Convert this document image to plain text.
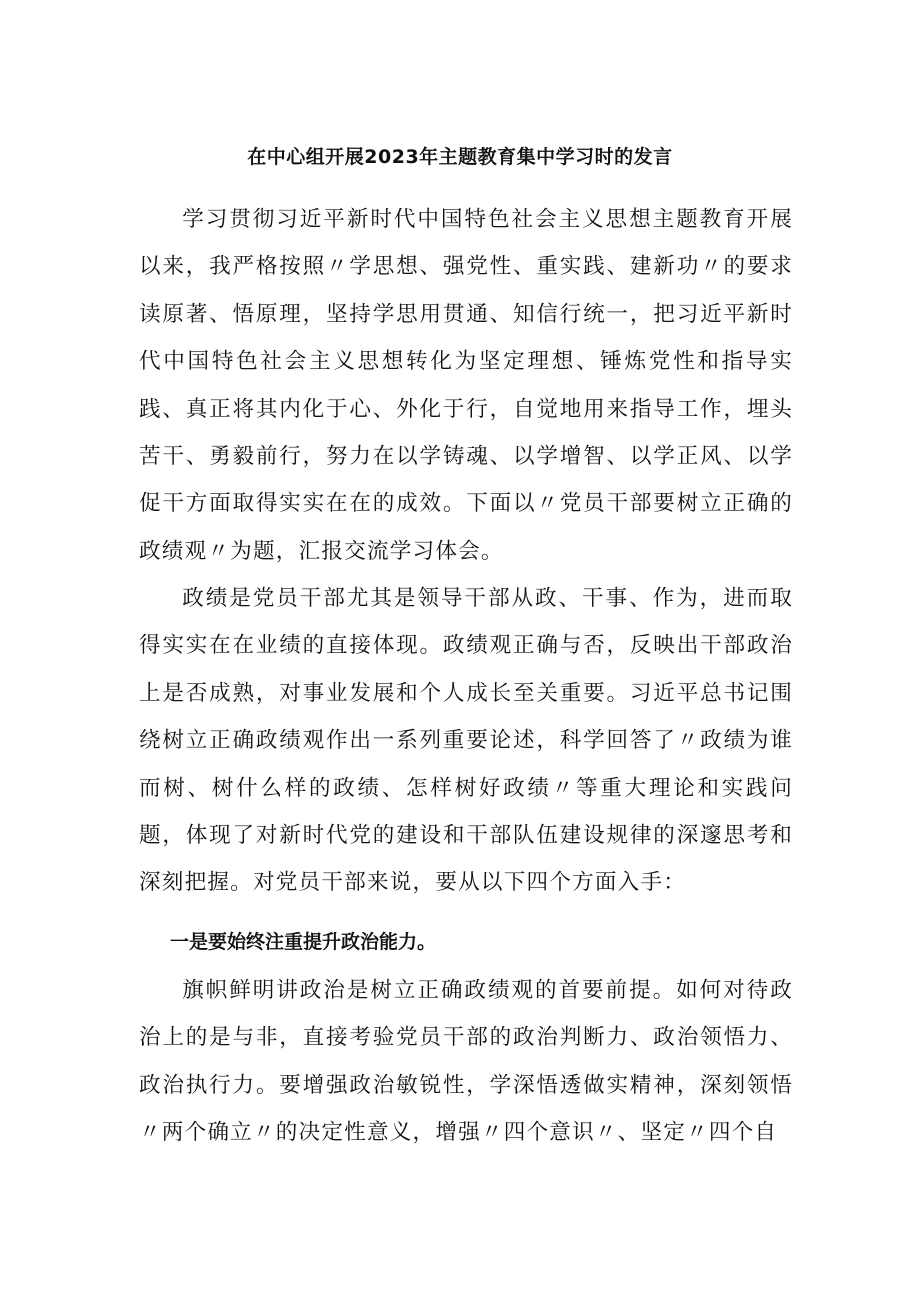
在中心组开展2023年主题教育集中学习时的发言

学习贯彻习近平新时代中国特色社会主义思想主题教育开展以来，我严格按照〃学思想、强党性、重实践、建新功〃的要求读原著、悟原理，坚持学思用贯通、知信行统一，把习近平新时代中国特色社会主义思想转化为坚定理想、锤炼党性和指导实践、真正将其内化于心、外化于行，自觉地用来指导工作，埋头苦干、勇毅前行，努力在以学铸魂、以学增智、以学正风、以学促干方面取得实实在在的成效。下面以〃党员干部要树立正确的政绩观〃为题，汇报交流学习体会。

政绩是党员干部尤其是领导干部从政、干事、作为，进而取得实实在在业绩的直接体现。政绩观正确与否，反映出干部政治上是否成熟，对事业发展和个人成长至关重要。习近平总书记围绕树立正确政绩观作出一系列重要论述，科学回答了〃政绩为谁而树、树什么样的政绩、怎样树好政绩〃等重大理论和实践问题，体现了对新时代党的建设和干部队伍建设规律的深邃思考和深刻把握。对党员干部来说，要从以下四个方面入手：

一是要始终注重提升政治能力。

旗帜鲜明讲政治是树立正确政绩观的首要前提。如何对待政治上的是与非，直接考验党员干部的政治判断力、政治领悟力、政治执行力。要增强政治敏锐性，学深悟透做实精神，深刻领悟〃两个确立〃的决定性意义，增强〃四个意识〃、坚定〃四个自
